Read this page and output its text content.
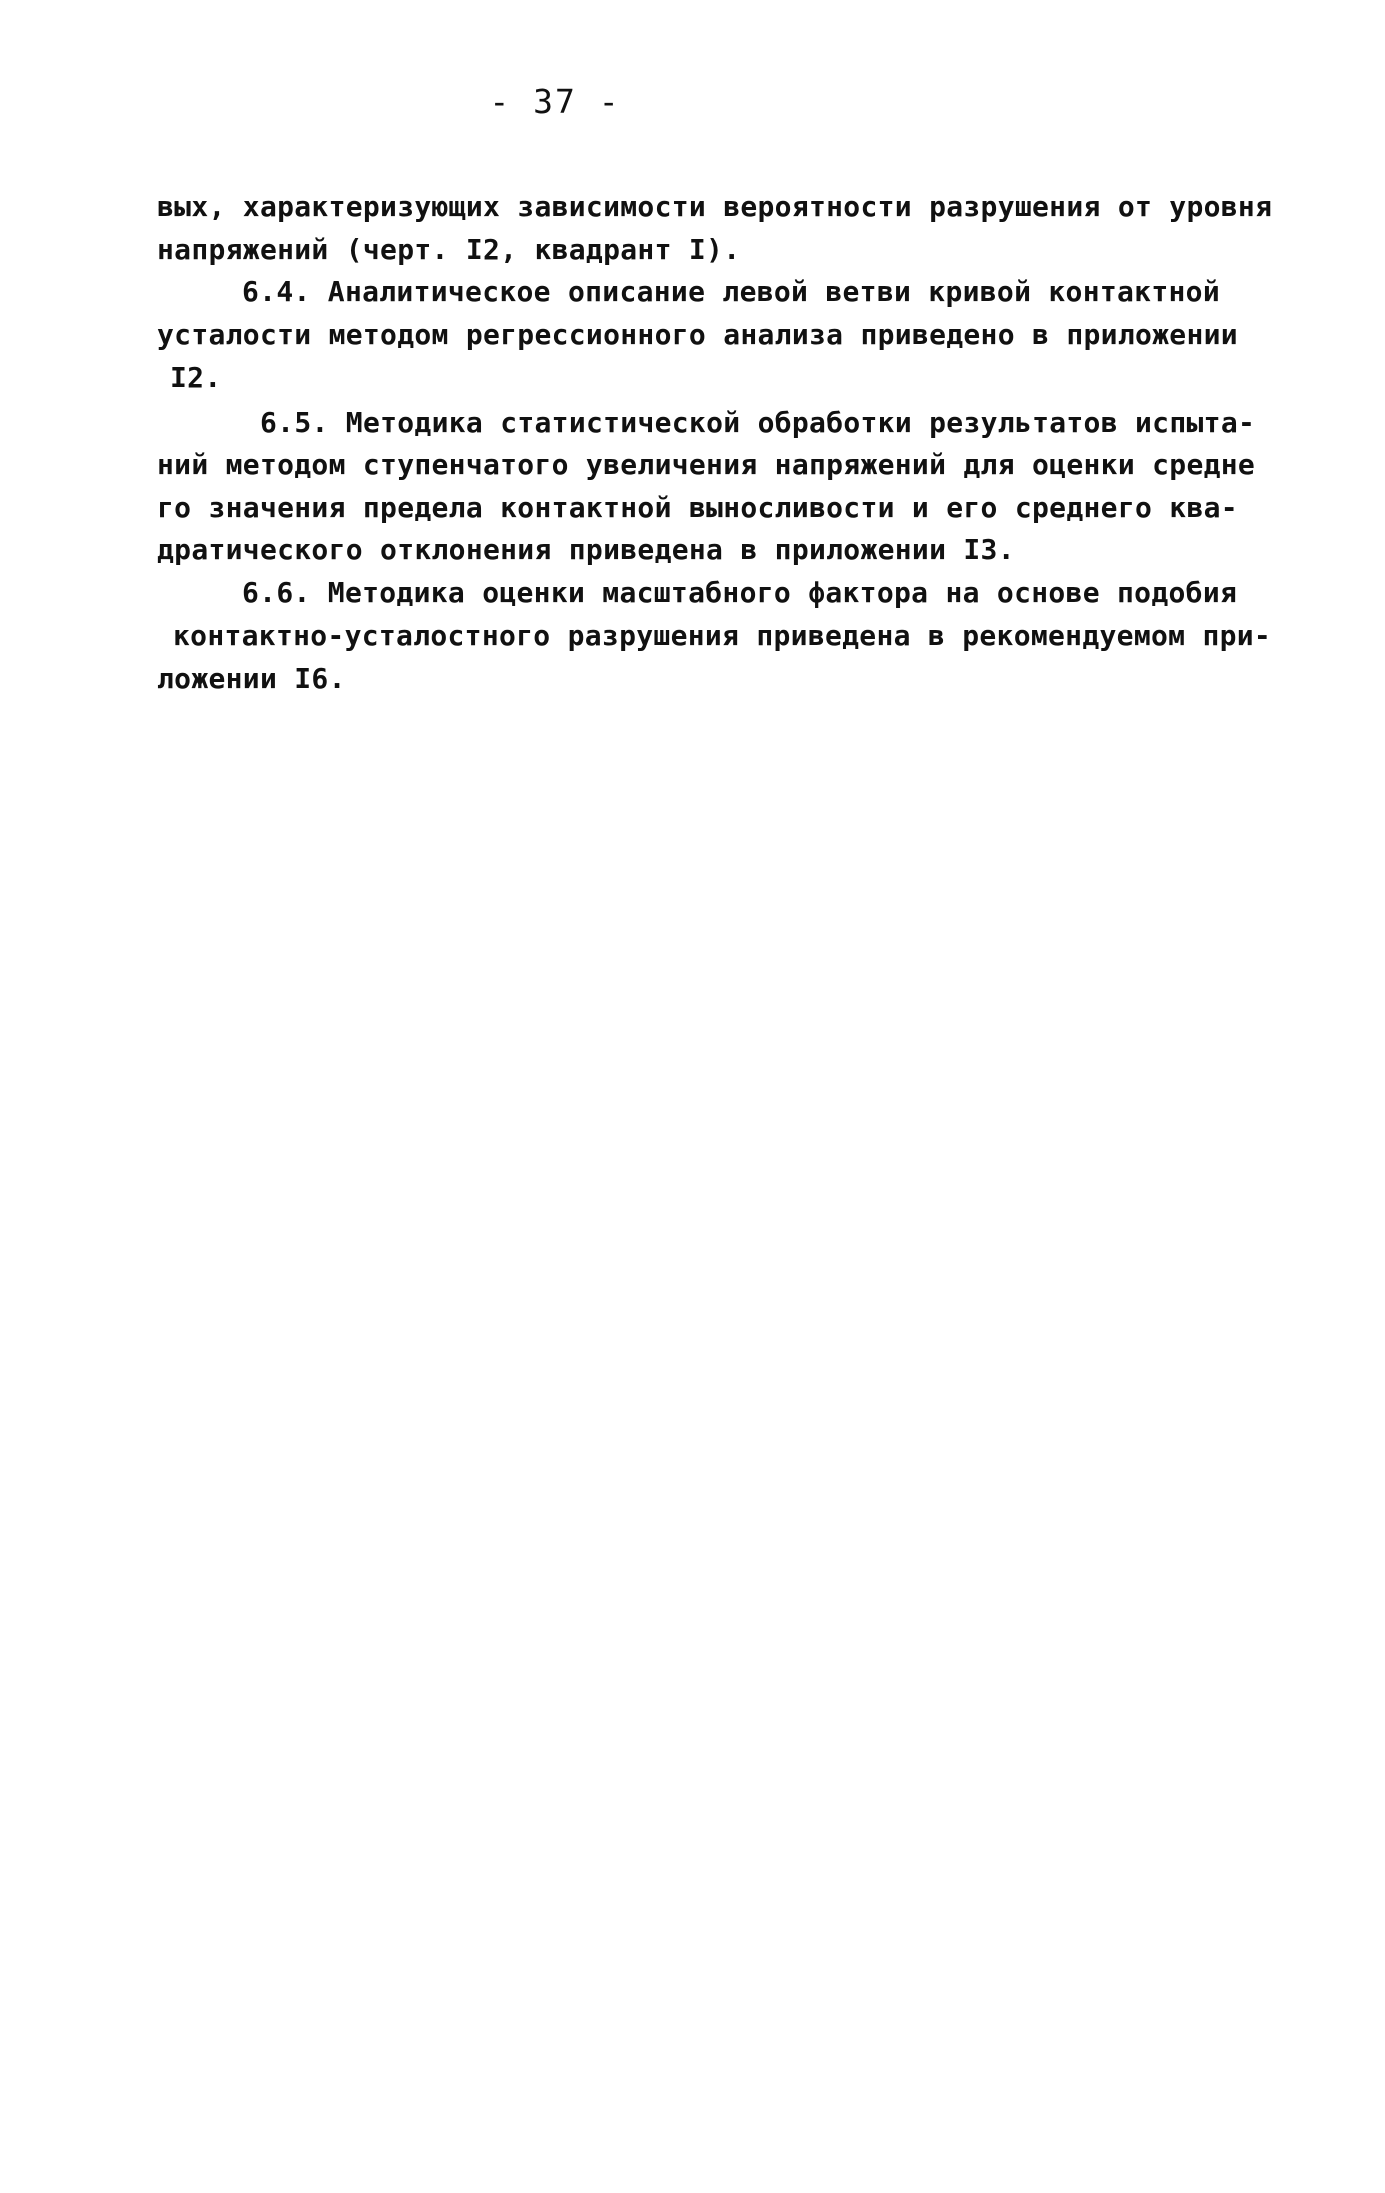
- 37 -
вых, характеризующих зависимости вероятности разрушения от уровня
напряжений (черт. I2, квадрант I).
6.4. Аналитическое описание левой ветви кривой контактной
усталости методом регрессионного анализа приведено в приложении
I2.
6.5. Методика статистической обработки результатов испыта-
ний методом ступенчатого увеличения напряжений для оценки средне
го значения предела контактной выносливости и его среднего ква-
дратического отклонения приведена в приложении I3.
6.6. Методика оценки масштабного фактора на основе подобия
контактно-усталостного разрушения приведена в рекомендуемом при-
ложении I6.
